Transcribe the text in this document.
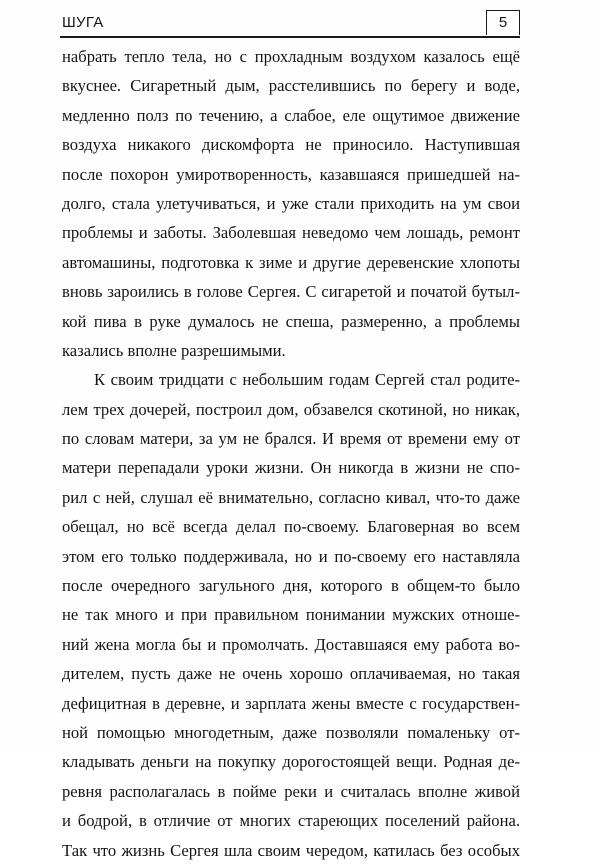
ШУГА	5
набрать тепло тела, но с прохладным воздухом казалось ещё
вкуснее. Сигаретный дым, расстелившись по берегу и воде,
медленно полз по течению, а слабое, еле ощутимое движение
воздуха никакого дискомфорта не приносило. Наступившая
после похорон умиротворенность, казавшаяся пришедшей на-
долго, стала улетучиваться, и уже стали приходить на ум свои
проблемы и заботы. Заболевшая неведомо чем лошадь, ремонт
автомашины, подготовка к зиме и другие деревенские хлопоты
вновь зароились в голове Сергея. С сигаретой и початой бутыл-
кой пива в руке думалось не спеша, размеренно, а проблемы
казались вполне разрешимыми.
К своим тридцати с небольшим годам Сергей стал родите-
лем трех дочерей, построил дом, обзавелся скотиной, но никак,
по словам матери, за ум не брался. И время от времени ему от
матери перепадали уроки жизни. Он никогда в жизни не спо-
рил с ней, слушал её внимательно, согласно кивал, что-то даже
обещал, но всё всегда делал по-своему. Благоверная во всем
этом его только поддерживала, но и по-своему его наставляла
после очередного загульного дня, которого в общем-то было
не так много и при правильном понимании мужских отноше-
ний жена могла бы и промолчать. Доставшаяся ему работа во-
дителем, пусть даже не очень хорошо оплачиваемая, но такая
дефицитная в деревне, и зарплата жены вместе с государствен-
ной помощью многодетным, даже позволяли помаленьку от-
кладывать деньги на покупку дорогостоящей вещи. Родная де-
ревня располагалась в пойме реки и считалась вполне живой
и бодрой, в отличие от многих стареющих поселений района.
Так что жизнь Сергея шла своим чередом, катилась без особых
